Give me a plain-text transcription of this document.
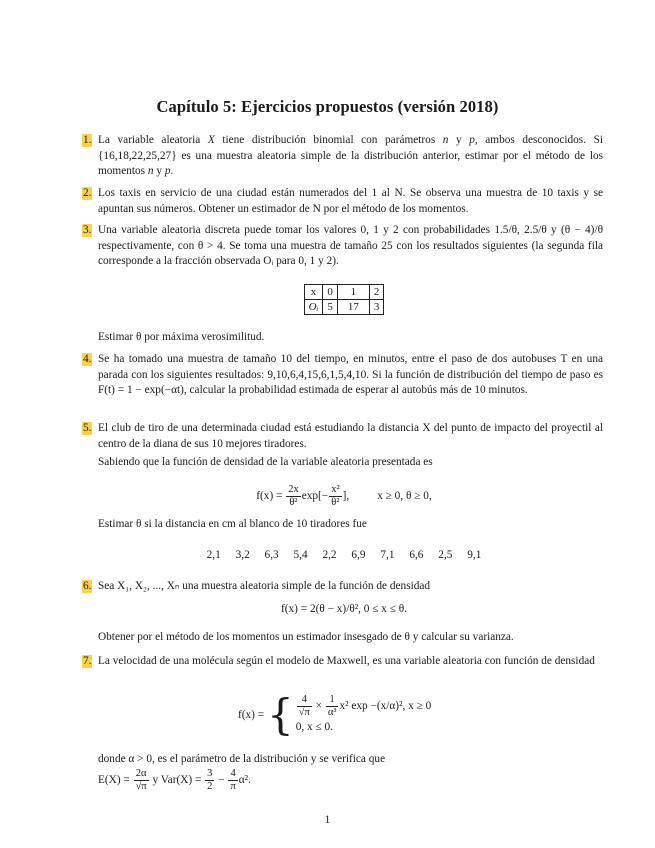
Capítulo 5: Ejercicios propuestos (versión 2018)
1. La variable aleatoria X tiene distribución binomial con parámetros n y p, ambos desconocidos. Si {16,18,22,25,27} es una muestra aleatoria simple de la distribución anterior, estimar por el método de los momentos n y p.
2. Los taxis en servicio de una ciudad están numerados del 1 al N. Se observa una muestra de 10 taxis y se apuntan sus números. Obtener un estimador de N por el método de los momentos.
3. Una variable aleatoria discreta puede tomar los valores 0, 1 y 2 con probabilidades 1.5/θ, 2.5/θ y (θ − 4)/θ respectivamente, con θ > 4. Se toma una muestra de tamaño 25 con los resultados siguientes (la segunda fila corresponde a la fracción observada Oᵢ para 0, 1 y 2).
x	0	1	2
Oᵢ	5	17	3
Estimar θ por máxima verosimilitud.
4. Se ha tomado una muestra de tamaño 10 del tiempo, en minutos, entre el paso de dos autobuses T en una parada con los siguientes resultados: 9,10,6,4,15,6,1,5,4,10. Si la función de distribución del tiempo de paso es F(t) = 1 − exp(−αt), calcular la probabilidad estimada de esperar al autobús más de 10 minutos.
5. El club de tiro de una determinada ciudad está estudiando la distancia X del punto de impacto del proyectil al centro de la diana de sus 10 mejores tiradores.
Sabiendo que la función de densidad de la variable aleatoria presentada es
$f(x) = \frac{2x}{\text{θ²}} \exp[- \frac{\text{x²}}{\text{θ²}}$ ], x ≥ 0, θ ≥ 0,
Estimar θ si la distancia en cm al blanco de 10 tiradores fue
2,1 3,2 6,3 5,4 2,2 6,9 7,1 6,6 2,5 9,1
6. Sea X₁, X₂, ..., Xₙ una muestra aleatoria simple de la función de densidad
f(x) = 2(θ − x)/θ², 0 ≤ x ≤ θ.
Obtener por el método de los momentos un estimador insesgado de θ y calcular su varianza.
7. La velocidad de una molécula según el modelo de Maxwell, es una variable aleatoria con función de densidad
f(x) = { $\frac{4}{√\pi} \times \frac{1}{\text{α³}} x^2$ exp −(x/α)², x ≥ 0
0, x ≤ 0.
donde α > 0, es el parámetro de la distribución y se verifica que
$E(X) = \frac{2\alpha}{√\pi}$ y $Var(X) = \frac{3}{2} - \frac{4}{\pi} \alpha^2$.
1
